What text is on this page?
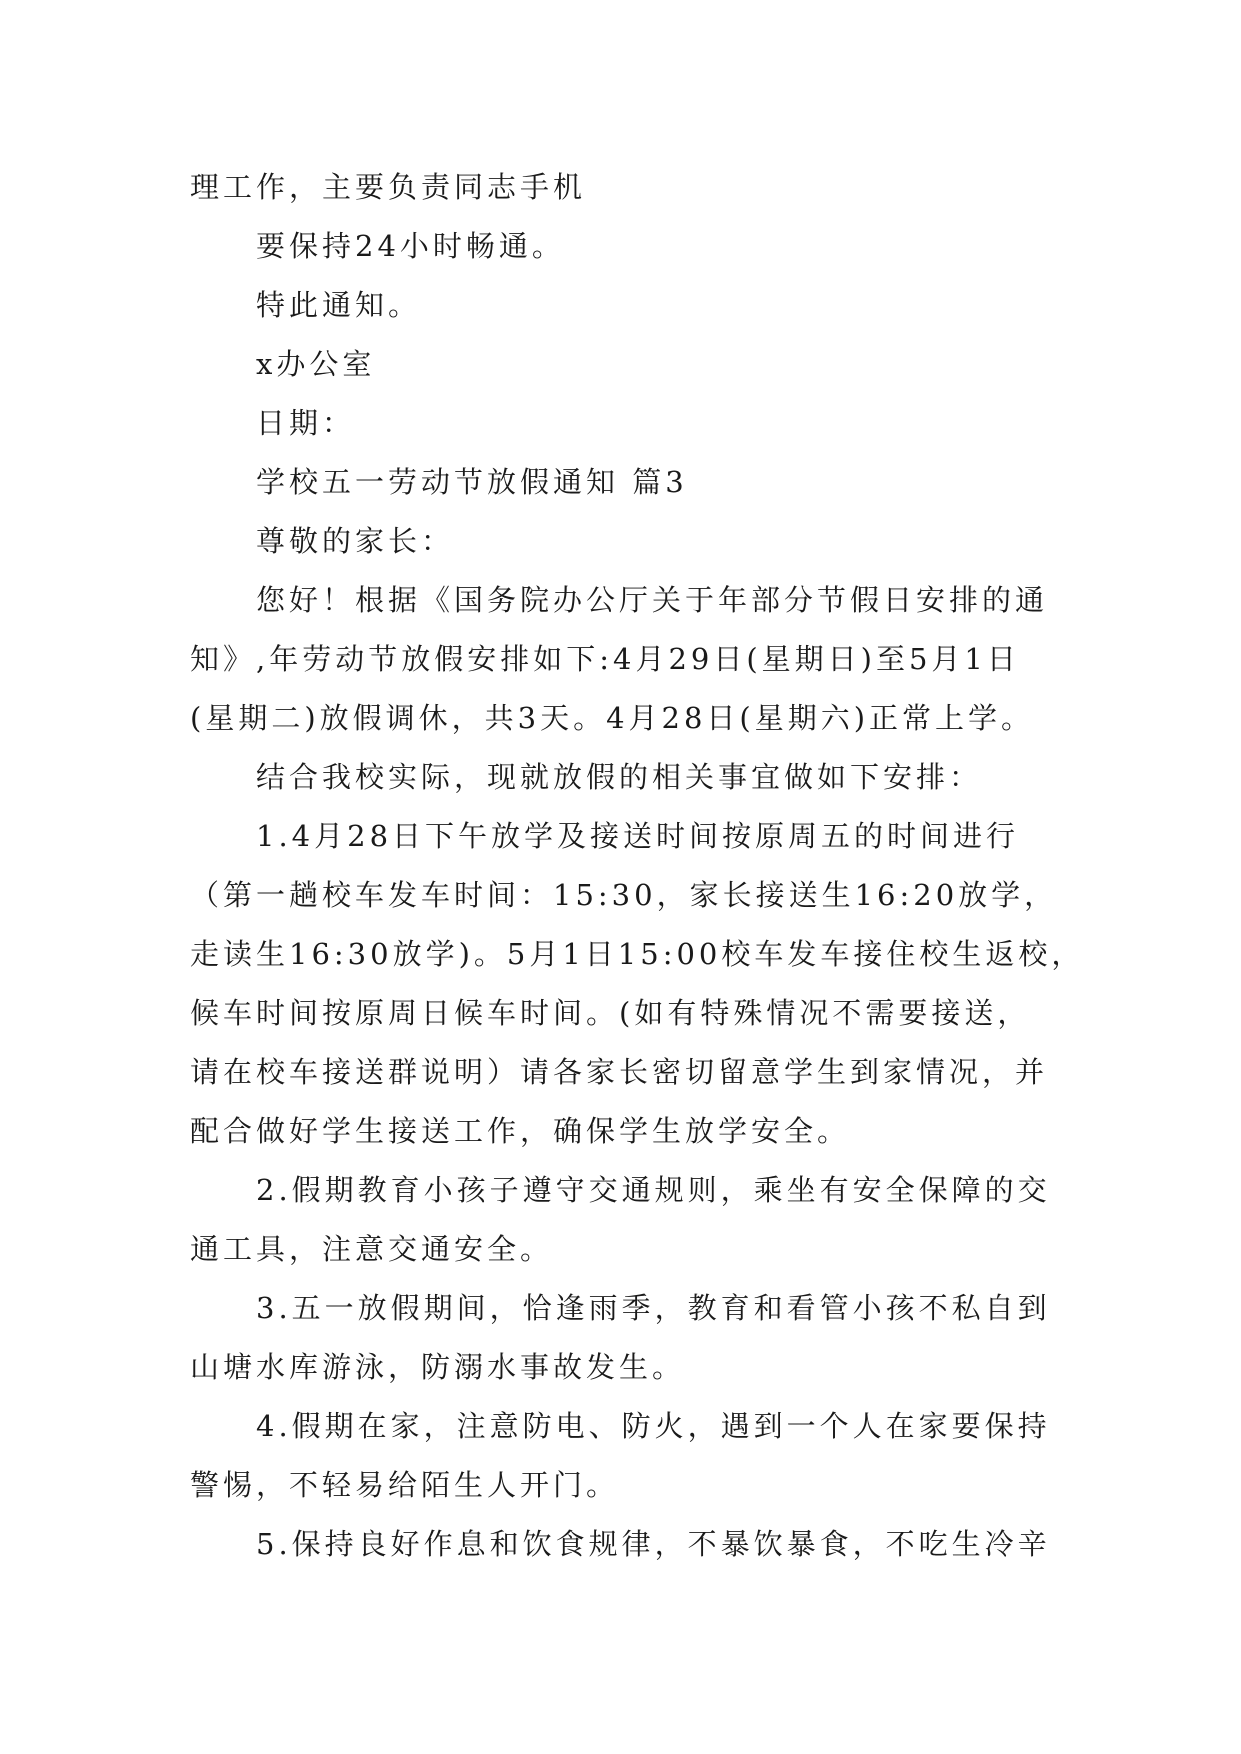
理工作，主要负责同志手机
要保持24小时畅通。
特此通知。
x办公室
日期：
学校五一劳动节放假通知 篇3
尊敬的家长：
您好！根据《国务院办公厅关于年部分节假日安排的通
知》,年劳动节放假安排如下:4月29日(星期日)至5月1日
(星期二)放假调休，共3天。4月28日(星期六)正常上学。
结合我校实际，现就放假的相关事宜做如下安排：
1.4月28日下午放学及接送时间按原周五的时间进行
（第一趟校车发车时间：15:30，家长接送生16:20放学，
走读生16:30放学)。5月1日15:00校车发车接住校生返校，
候车时间按原周日候车时间。(如有特殊情况不需要接送，
请在校车接送群说明）请各家长密切留意学生到家情况，并
配合做好学生接送工作，确保学生放学安全。
2.假期教育小孩子遵守交通规则，乘坐有安全保障的交
通工具，注意交通安全。
3.五一放假期间，恰逢雨季，教育和看管小孩不私自到
山塘水库游泳，防溺水事故发生。
4.假期在家，注意防电、防火，遇到一个人在家要保持
警惕，不轻易给陌生人开门。
5.保持良好作息和饮食规律，不暴饮暴食，不吃生冷辛
